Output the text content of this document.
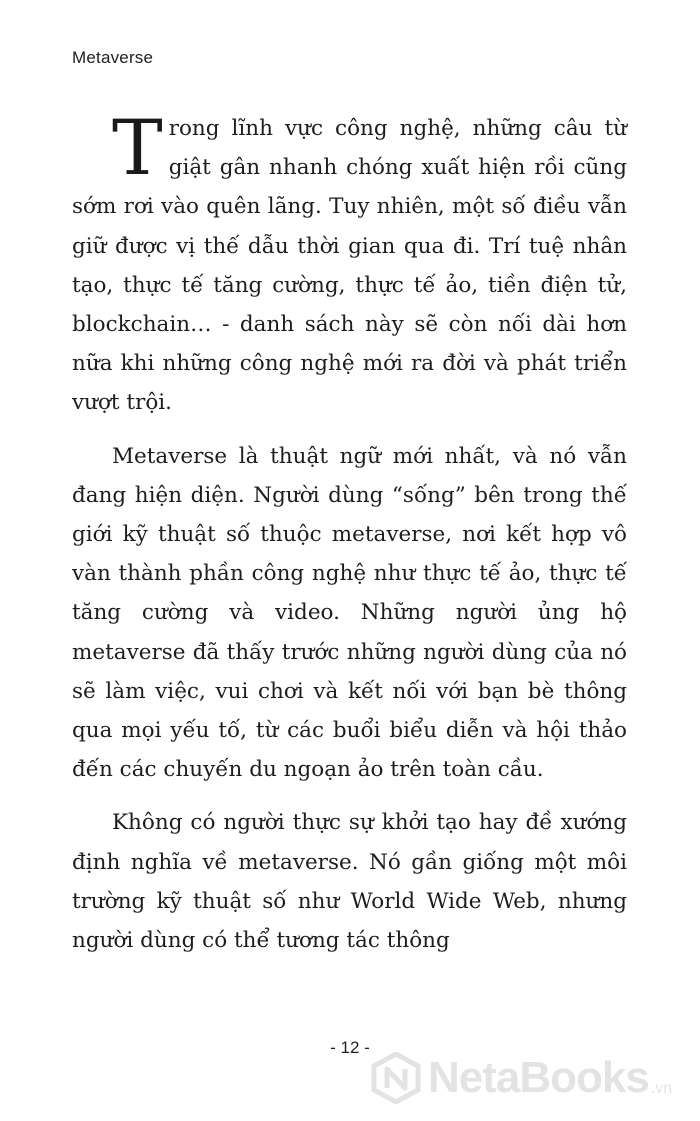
Metaverse

Trong lĩnh vực công nghệ, những câu từ giật gân nhanh chóng xuất hiện rồi cũng sớm rơi vào quên lãng. Tuy nhiên, một số điều vẫn giữ được vị thế dẫu thời gian qua đi. Trí tuệ nhân tạo, thực tế tăng cường, thực tế ảo, tiền điện tử, blockchain… - danh sách này sẽ còn nối dài hơn nữa khi những công nghệ mới ra đời và phát triển vượt trội.

Metaverse là thuật ngữ mới nhất, và nó vẫn đang hiện diện. Người dùng “sống” bên trong thế giới kỹ thuật số thuộc metaverse, nơi kết hợp vô vàn thành phần công nghệ như thực tế ảo, thực tế tăng cường và video. Những người ủng hộ metaverse đã thấy trước những người dùng của nó sẽ làm việc, vui chơi và kết nối với bạn bè thông qua mọi yếu tố, từ các buổi biểu diễn và hội thảo đến các chuyến du ngoạn ảo trên toàn cầu.

Không có người thực sự khởi tạo hay đề xướng định nghĩa về metaverse. Nó gần giống một môi trường kỹ thuật số như World Wide Web, nhưng người dùng có thể tương tác thông

- 12 -
NetaBooks .vn
